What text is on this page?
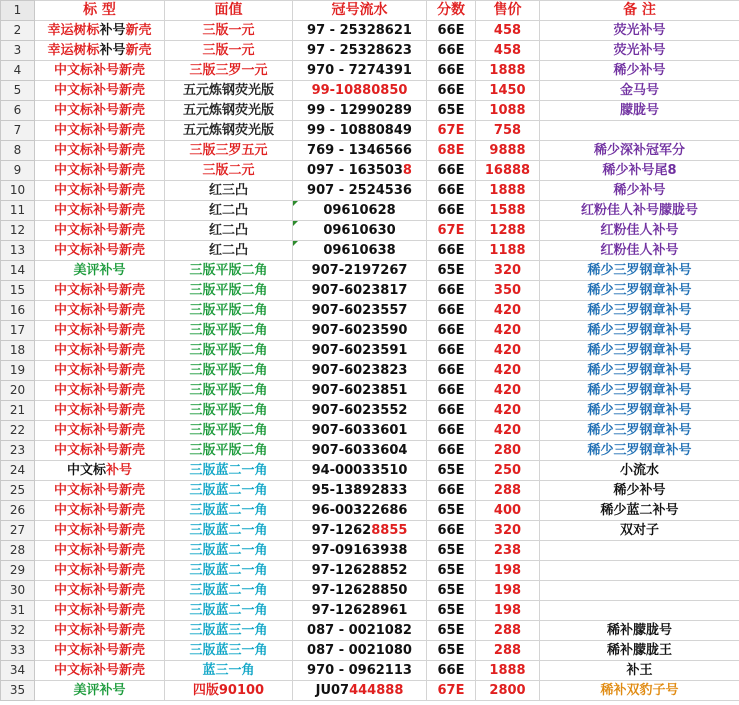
1	标 型	面值	冠号流水	分数	售价	备 注
2	幸运树标补号新壳	三版一元	97 - 25328621	66E	458	荧光补号
3	幸运树标补号新壳	三版一元	97 - 25328623	66E	458	荧光补号
4	中文标补号新壳	三版三罗一元	970 - 7274391	66E	1888	稀少补号
5	中文标补号新壳	五元炼钢荧光版	99-10880850	66E	1450	金马号
6	中文标补号新壳	五元炼钢荧光版	99 - 12990289	65E	1088	朦胧号
7	中文标补号新壳	五元炼钢荧光版	99 - 10880849	67E	758	
8	中文标补号新壳	三版三罗五元	769 - 1346566	68E	9888	稀少深补冠军分
9	中文标补号新壳	三版二元	097 - 1635038	66E	16888	稀少补号尾8
10	中文标补号新壳	红三凸	907 - 2524536	66E	1888	稀少补号
11	中文标补号新壳	红二凸	09610628	66E	1588	红粉佳人补号朦胧号
12	中文标补号新壳	红二凸	09610630	67E	1288	红粉佳人补号
13	中文标补号新壳	红二凸	09610638	66E	1188	红粉佳人补号
14	美评补号	三版平版二角	907-2197267	65E	320	稀少三罗钢章补号
15	中文标补号新壳	三版平版二角	907-6023817	66E	350	稀少三罗钢章补号
16	中文标补号新壳	三版平版二角	907-6023557	66E	420	稀少三罗钢章补号
17	中文标补号新壳	三版平版二角	907-6023590	66E	420	稀少三罗钢章补号
18	中文标补号新壳	三版平版二角	907-6023591	66E	420	稀少三罗钢章补号
19	中文标补号新壳	三版平版二角	907-6023823	66E	420	稀少三罗钢章补号
20	中文标补号新壳	三版平版二角	907-6023851	66E	420	稀少三罗钢章补号
21	中文标补号新壳	三版平版二角	907-6023552	66E	420	稀少三罗钢章补号
22	中文标补号新壳	三版平版二角	907-6033601	66E	420	稀少三罗钢章补号
23	中文标补号新壳	三版平版二角	907-6033604	66E	280	稀少三罗钢章补号
24	中文标补号	三版蓝二一角	94-00033510	65E	250	小流水
25	中文标补号新壳	三版蓝二一角	95-13892833	66E	288	稀少补号
26	中文标补号新壳	三版蓝二一角	96-00322686	65E	400	稀少蓝二补号
27	中文标补号新壳	三版蓝二一角	97-12628855	66E	320	双对子
28	中文标补号新壳	三版蓝二一角	97-09163938	65E	238	
29	中文标补号新壳	三版蓝二一角	97-12628852	65E	198	
30	中文标补号新壳	三版蓝二一角	97-12628850	65E	198	
31	中文标补号新壳	三版蓝二一角	97-12628961	65E	198	
32	中文标补号新壳	三版蓝三一角	087 - 0021082	65E	288	稀补朦胧号
33	中文标补号新壳	三版蓝三一角	087 - 0021080	65E	288	稀补朦胧王
34	中文标补号新壳	蓝三一角	970 - 0962113	66E	1888	补王
35	美评补号	四版90100	JU07444888	67E	2800	稀补双豹子号
